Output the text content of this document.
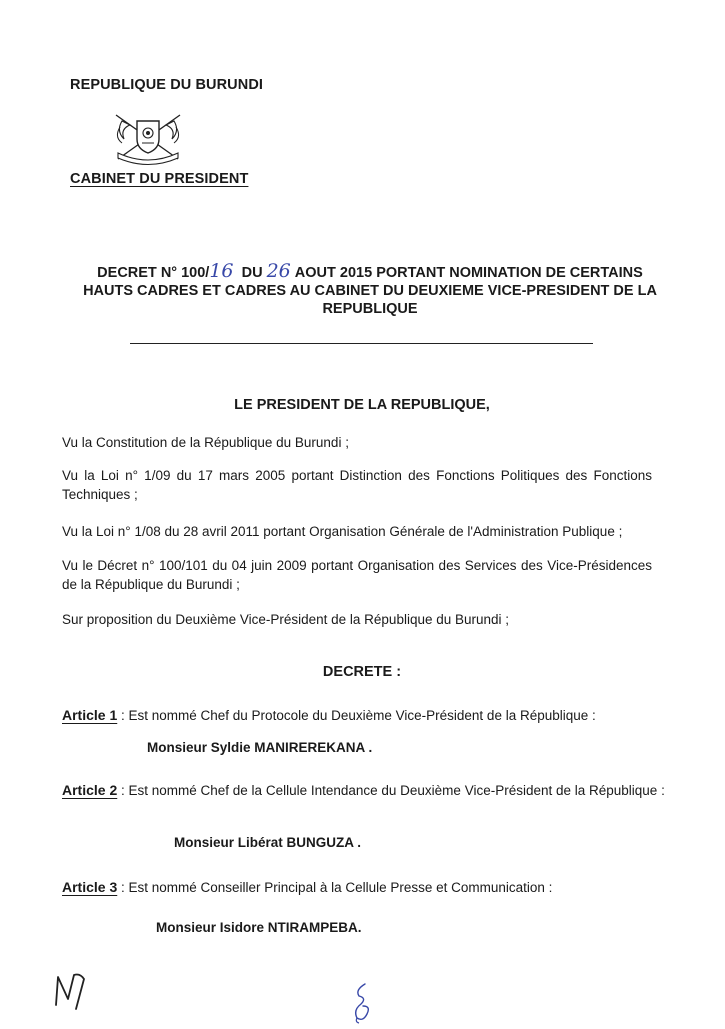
REPUBLIQUE DU BURUNDI
CABINET DU PRESIDENT
DECRET N° 100/16 DU 26 AOUT 2015 PORTANT NOMINATION DE CERTAINS
HAUTS CADRES ET CADRES AU CABINET DU DEUXIEME VICE-PRESIDENT DE LA
REPUBLIQUE
LE PRESIDENT DE LA REPUBLIQUE,
Vu la Constitution de la République du Burundi ;
Vu la Loi n° 1/09 du 17 mars 2005 portant Distinction des Fonctions Politiques des Fonctions Techniques ;
Vu la Loi n° 1/08 du 28 avril 2011 portant Organisation Générale de l'Administration Publique ;
Vu le Décret n° 100/101 du 04 juin 2009 portant Organisation des Services des Vice-Présidences de la République du Burundi ;
Sur proposition du Deuxième Vice-Président de la République du Burundi ;
DECRETE :
Article 1 : Est nommé Chef du Protocole du Deuxième Vice-Président de la République :
Monsieur Syldie MANIREREKANA .
Article 2 : Est nommé Chef de la Cellule Intendance du Deuxième Vice-Président de la République :
Monsieur Libérat BUNGUZA .
Article 3 : Est nommé Conseiller Principal à la Cellule Presse et Communication :
Monsieur Isidore NTIRAMPEBA.
